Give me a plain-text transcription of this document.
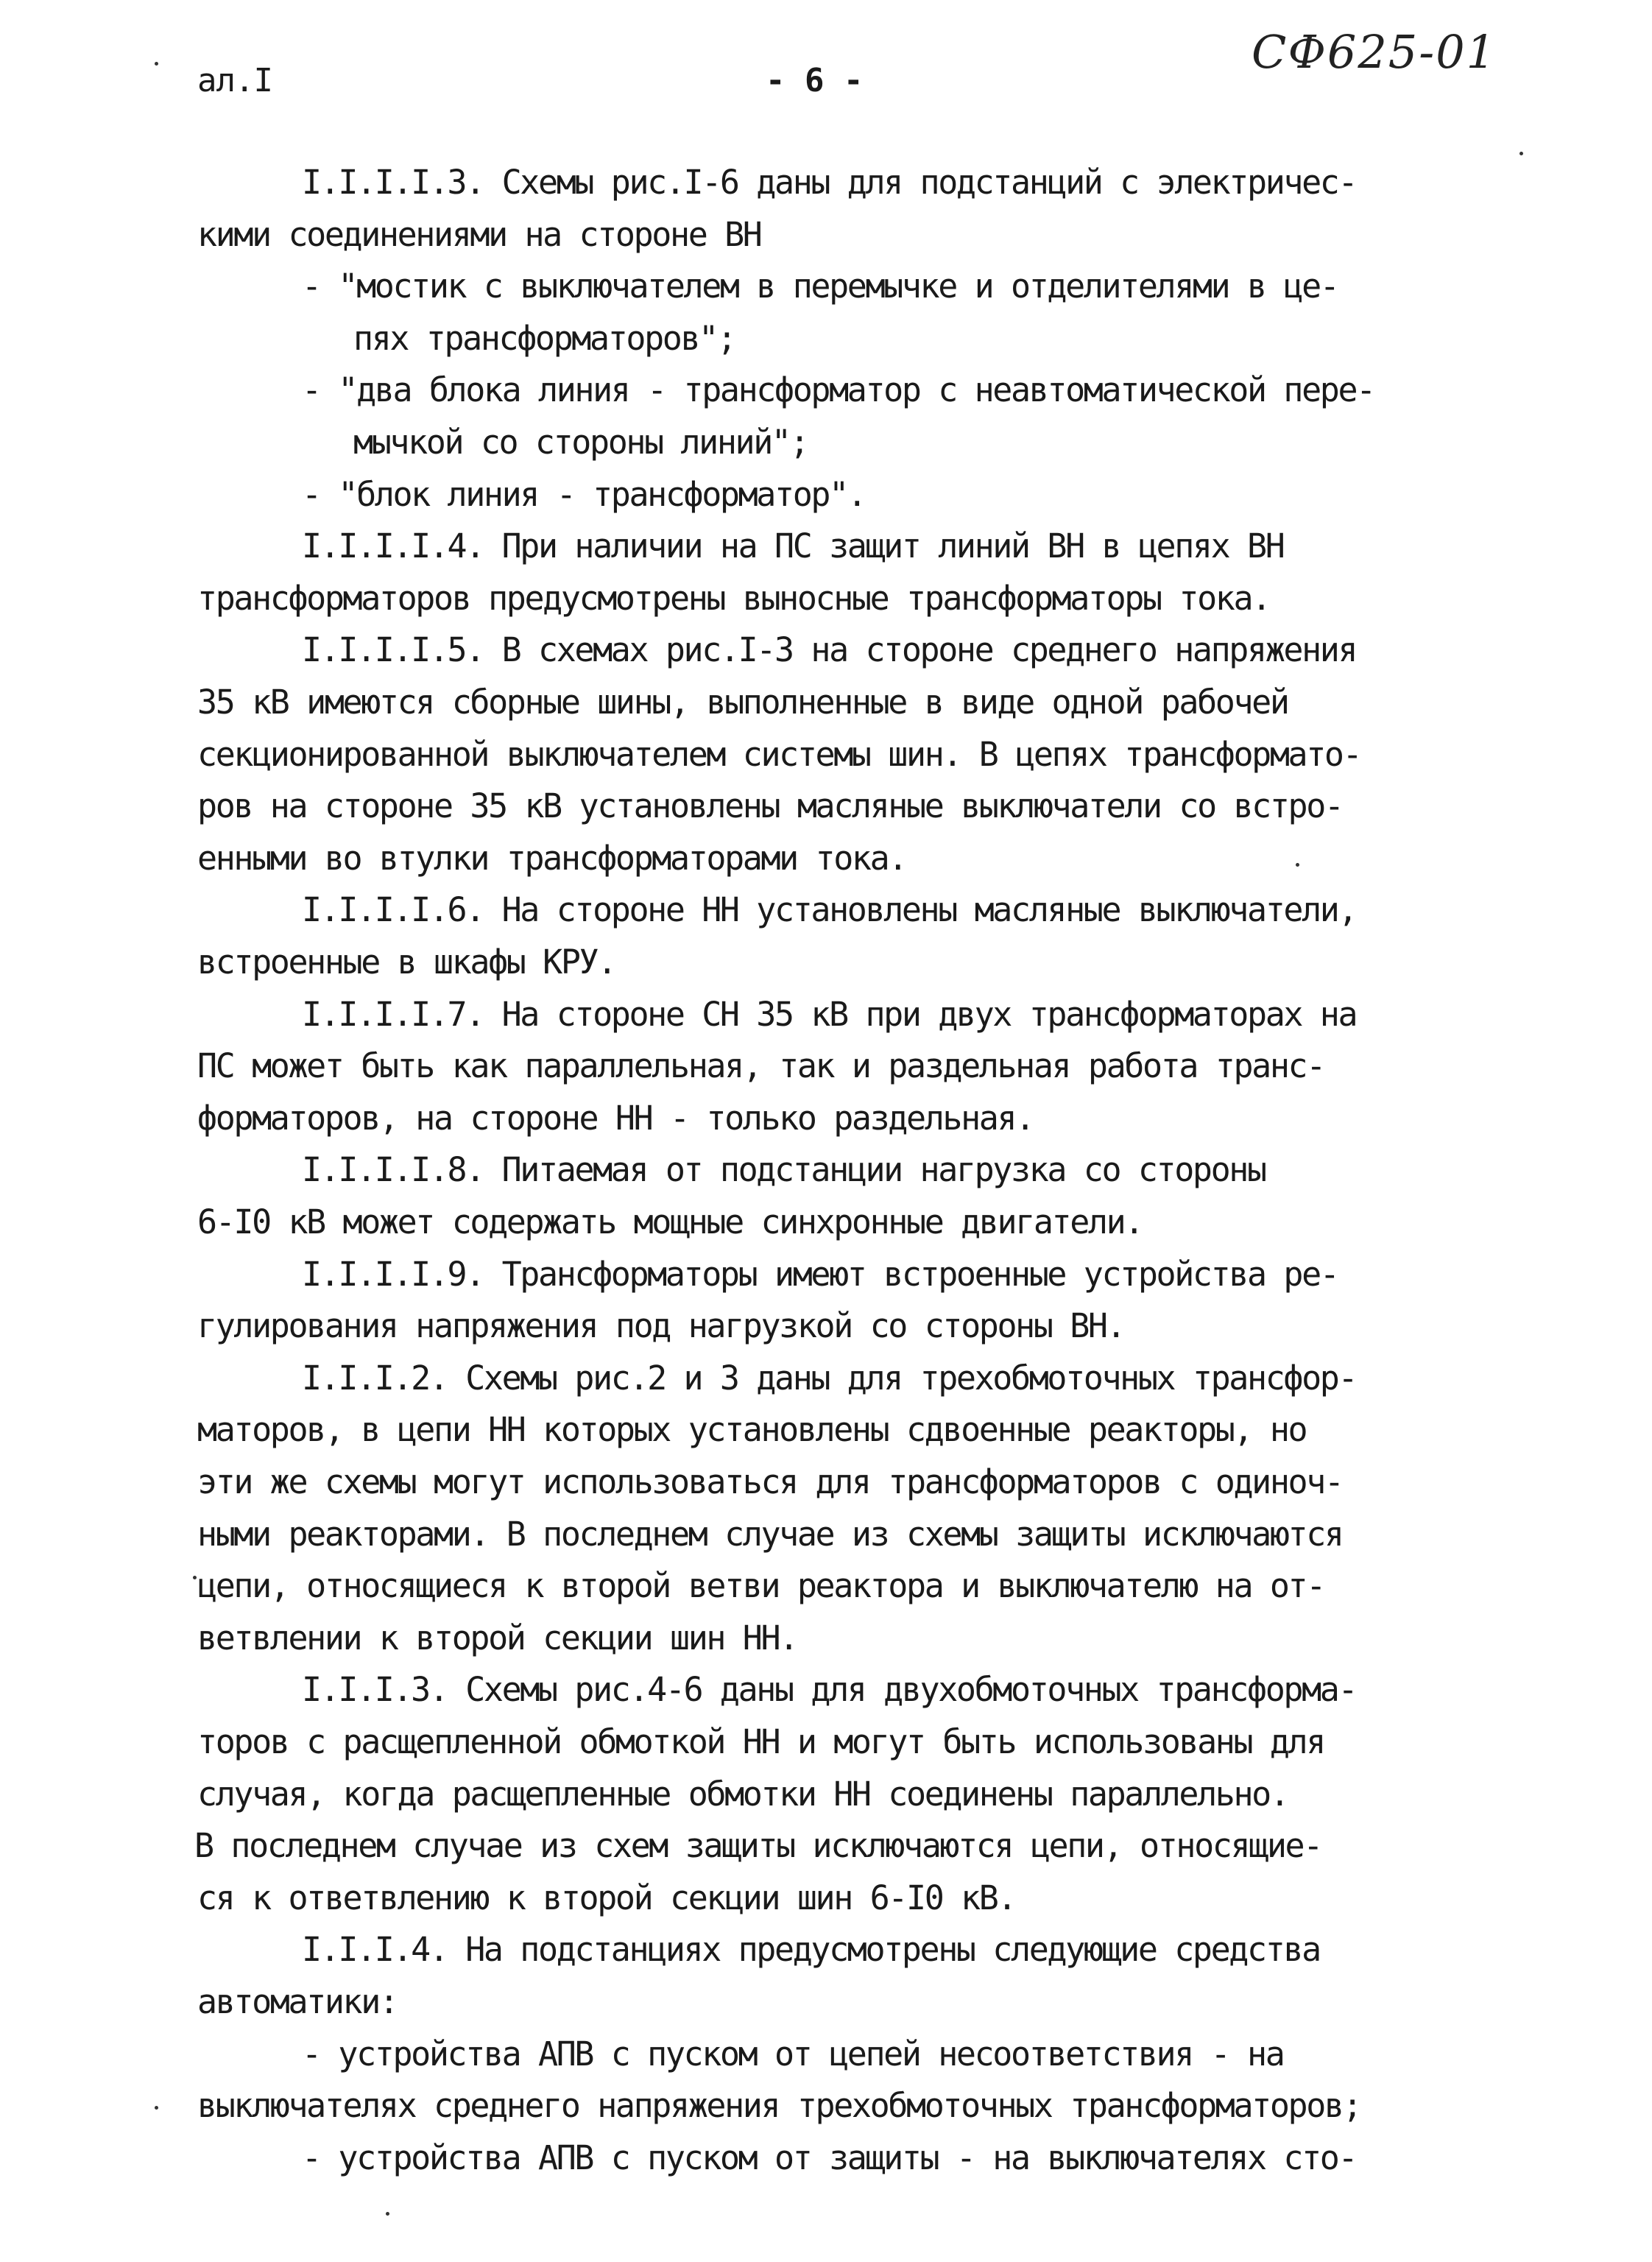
ал.I	- 6 -
СФ625-01
I.I.I.I.3. Схемы рис.I-6 даны для подстанций с электричес-
кими соединениями на стороне ВН
- "мостик с выключателем в перемычке и отделителями в це-
пях трансформаторов";
- "два блока линия - трансформатор с неавтоматической пере-
мычкой со стороны линий";
- "блок линия - трансформатор".
I.I.I.I.4. При наличии на ПС защит линий ВН в цепях ВН
трансформаторов предусмотрены выносные трансформаторы тока.
I.I.I.I.5. В схемах рис.I-3 на стороне среднего напряжения
35 кВ имеются сборные шины, выполненные в виде одной рабочей
секционированной выключателем системы шин. В цепях трансформато-
ров на стороне 35 кВ установлены масляные выключатели со встро-
енными во втулки трансформаторами тока.
I.I.I.I.6. На стороне НН установлены масляные выключатели,
встроенные в шкафы КРУ.
I.I.I.I.7. На стороне СН 35 кВ при двух трансформаторах на
ПС может быть как параллельная, так и раздельная работа транс-
форматоров, на стороне НН - только раздельная.
I.I.I.I.8. Питаемая от подстанции нагрузка со стороны
6-I0 кВ может содержать мощные синхронные двигатели.
I.I.I.I.9. Трансформаторы имеют встроенные устройства ре-
гулирования напряжения под нагрузкой со стороны ВН.
I.I.I.2. Схемы рис.2 и 3 даны для трехобмоточных трансфор-
маторов, в цепи НН которых установлены сдвоенные реакторы, но
эти же схемы могут использоваться для трансформаторов с одиноч-
ными реакторами. В последнем случае из схемы защиты исключаются
цепи, относящиеся к второй ветви реактора и выключателю на от-
ветвлении к второй секции шин НН.
I.I.I.3. Схемы рис.4-6 даны для двухобмоточных трансформа-
торов с расщепленной обмоткой НН и могут быть использованы для
случая, когда расщепленные обмотки НН соединены параллельно.
В последнем случае из схем защиты исключаются цепи, относящие-
ся к ответвлению к второй секции шин 6-I0 кВ.
I.I.I.4. На подстанциях предусмотрены следующие средства
автоматики:
- устройства АПВ с пуском от цепей несоответствия - на
выключателях среднего напряжения трехобмоточных трансформаторов;
- устройства АПВ с пуском от защиты - на выключателях сто-
